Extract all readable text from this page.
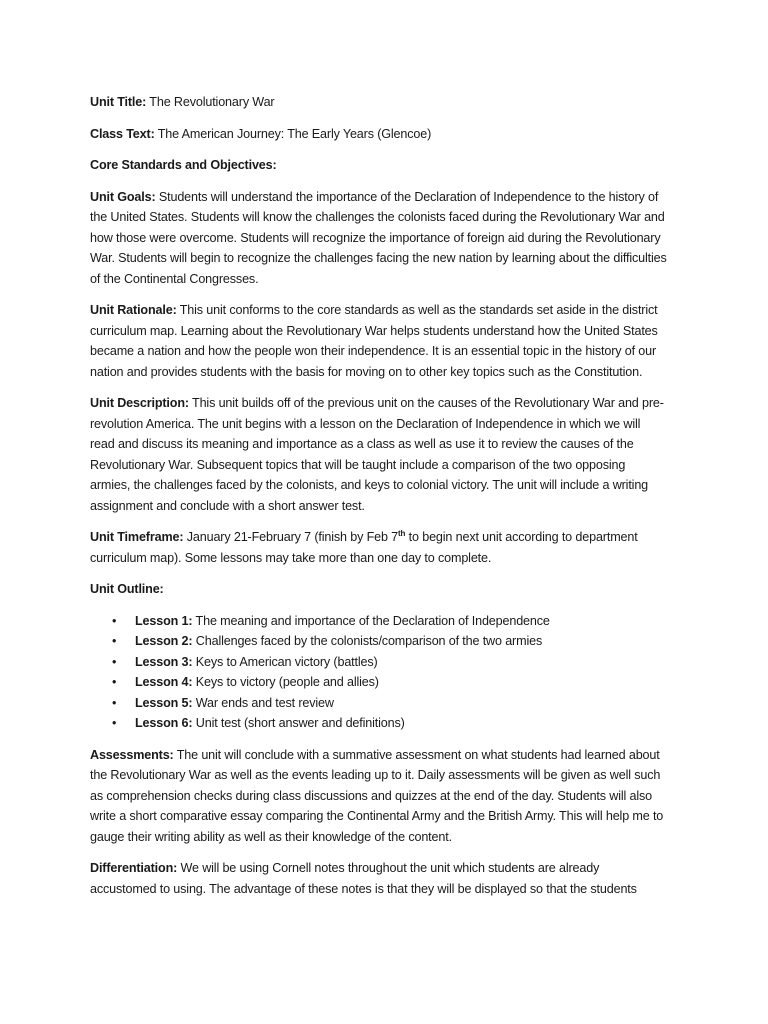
Unit Title: The Revolutionary War

Class Text: The American Journey: The Early Years (Glencoe)

Core Standards and Objectives:

Unit Goals: Students will understand the importance of the Declaration of Independence to the history of the United States. Students will know the challenges the colonists faced during the Revolutionary War and how those were overcome. Students will recognize the importance of foreign aid during the Revolutionary War. Students will begin to recognize the challenges facing the new nation by learning about the difficulties of the Continental Congresses.

Unit Rationale: This unit conforms to the core standards as well as the standards set aside in the district curriculum map. Learning about the Revolutionary War helps students understand how the United States became a nation and how the people won their independence. It is an essential topic in the history of our nation and provides students with the basis for moving on to other key topics such as the Constitution.

Unit Description: This unit builds off of the previous unit on the causes of the Revolutionary War and pre-revolution America. The unit begins with a lesson on the Declaration of Independence in which we will read and discuss its meaning and importance as a class as well as use it to review the causes of the Revolutionary War. Subsequent topics that will be taught include a comparison of the two opposing armies, the challenges faced by the colonists, and keys to colonial victory. The unit will include a writing assignment and conclude with a short answer test.

Unit Timeframe: January 21-February 7 (finish by Feb 7th to begin next unit according to department curriculum map). Some lessons may take more than one day to complete.

Unit Outline:

• Lesson 1: The meaning and importance of the Declaration of Independence
• Lesson 2: Challenges faced by the colonists/comparison of the two armies
• Lesson 3: Keys to American victory (battles)
• Lesson 4: Keys to victory (people and allies)
• Lesson 5: War ends and test review
• Lesson 6: Unit test (short answer and definitions)

Assessments: The unit will conclude with a summative assessment on what students had learned about the Revolutionary War as well as the events leading up to it. Daily assessments will be given as well such as comprehension checks during class discussions and quizzes at the end of the day. Students will also write a short comparative essay comparing the Continental Army and the British Army. This will help me to gauge their writing ability as well as their knowledge of the content.

Differentiation: We will be using Cornell notes throughout the unit which students are already accustomed to using. The advantage of these notes is that they will be displayed so that the students
